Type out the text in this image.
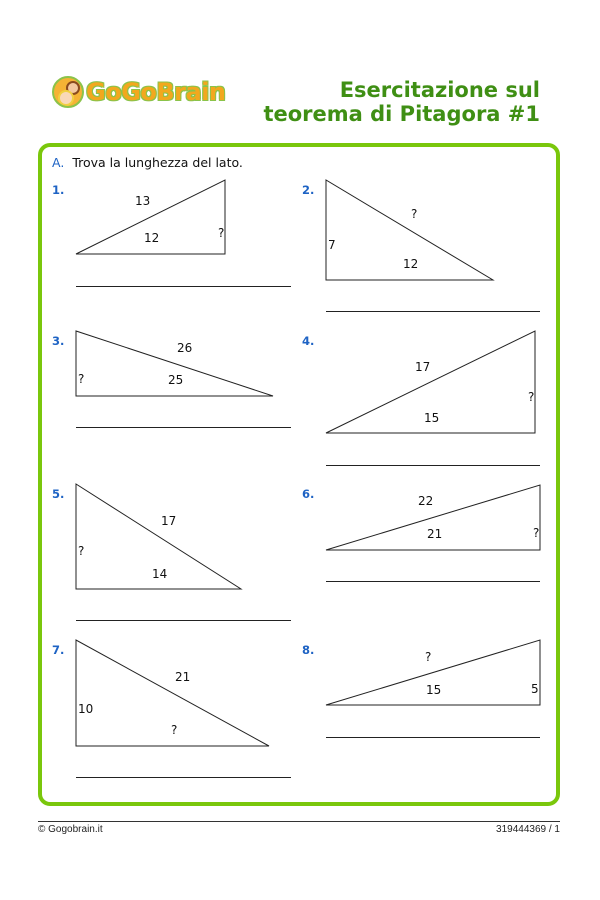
GoGoBrain	Esercitazione sul
teorema di Pitagora #1
A. Trova la lunghezza del lato.
1.
13
12	?
2.
?
12
7
3.	26
25
?
4.
17
15
?
5.
17
14
?
6.	22
21	?
7.
21
?
10
8.	?
15	5
© Gogobrain.it	319444369 / 1
